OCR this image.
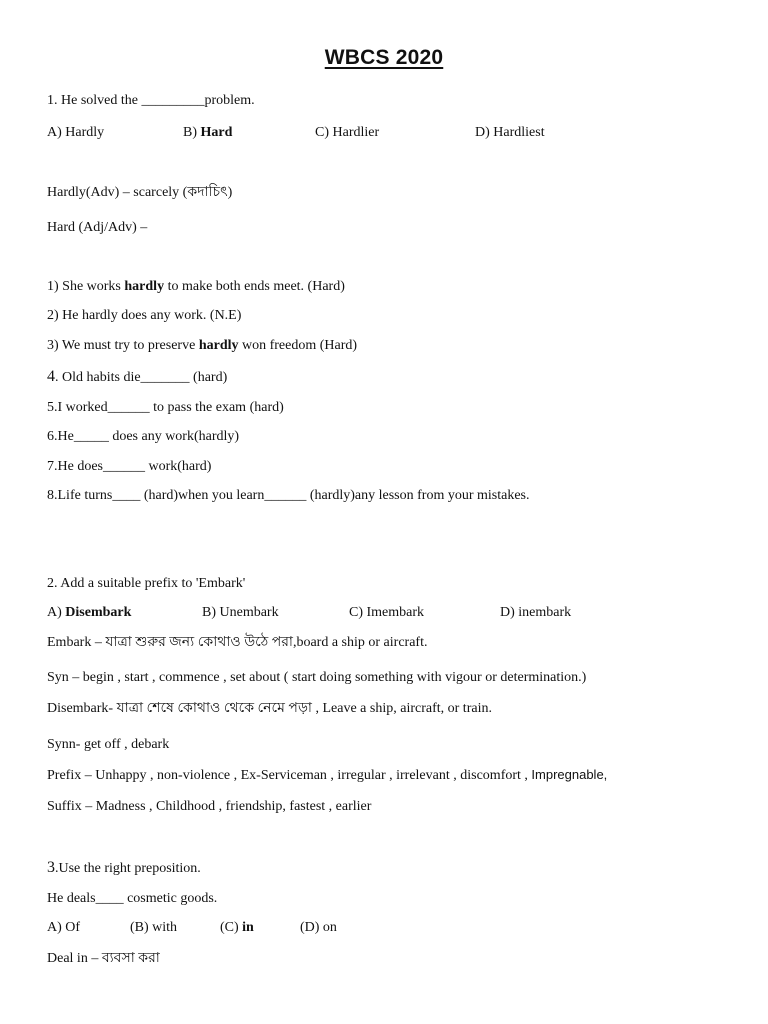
WBCS 2020
1. He solved the _________problem.
A) Hardly	B) Hard	C) Hardlier	D) Hardliest
Hardly(Adv) – scarcely (কদাচিৎ)
Hard (Adj/Adv) –
1) She works hardly to make both ends meet. (Hard)
2) He hardly does any work. (N.E)
3) We must try to preserve hardly won freedom (Hard)
4. Old habits die_______ (hard)
5.I worked______ to pass the exam (hard)
6.He_____ does any work(hardly)
7.He does______ work(hard)
8.Life turns____ (hard)when you learn______ (hardly)any lesson from your mistakes.
2. Add a suitable prefix to 'Embark'
A) Disembark	B) Unembark	C) Imembark	D) inembark
Embark – যাত্রা শুরুর জন্য কোথাও উঠে পরা,board a ship or aircraft.
Syn – begin , start , commence , set about ( start doing something with vigour or determination.)
Disembark- যাত্রা শেষে কোথাও থেকে নেমে পড়া , Leave a ship, aircraft, or train.
Synn- get off , debark
Prefix – Unhappy , non-violence , Ex-Serviceman , irregular , irrelevant , discomfort , Impregnable,
Suffix – Madness , Childhood , friendship, fastest , earlier
3.Use the right preposition.
He deals____ cosmetic goods.
A) Of	(B) with	(C) in	(D) on
Deal in – ব্যবসা করা
